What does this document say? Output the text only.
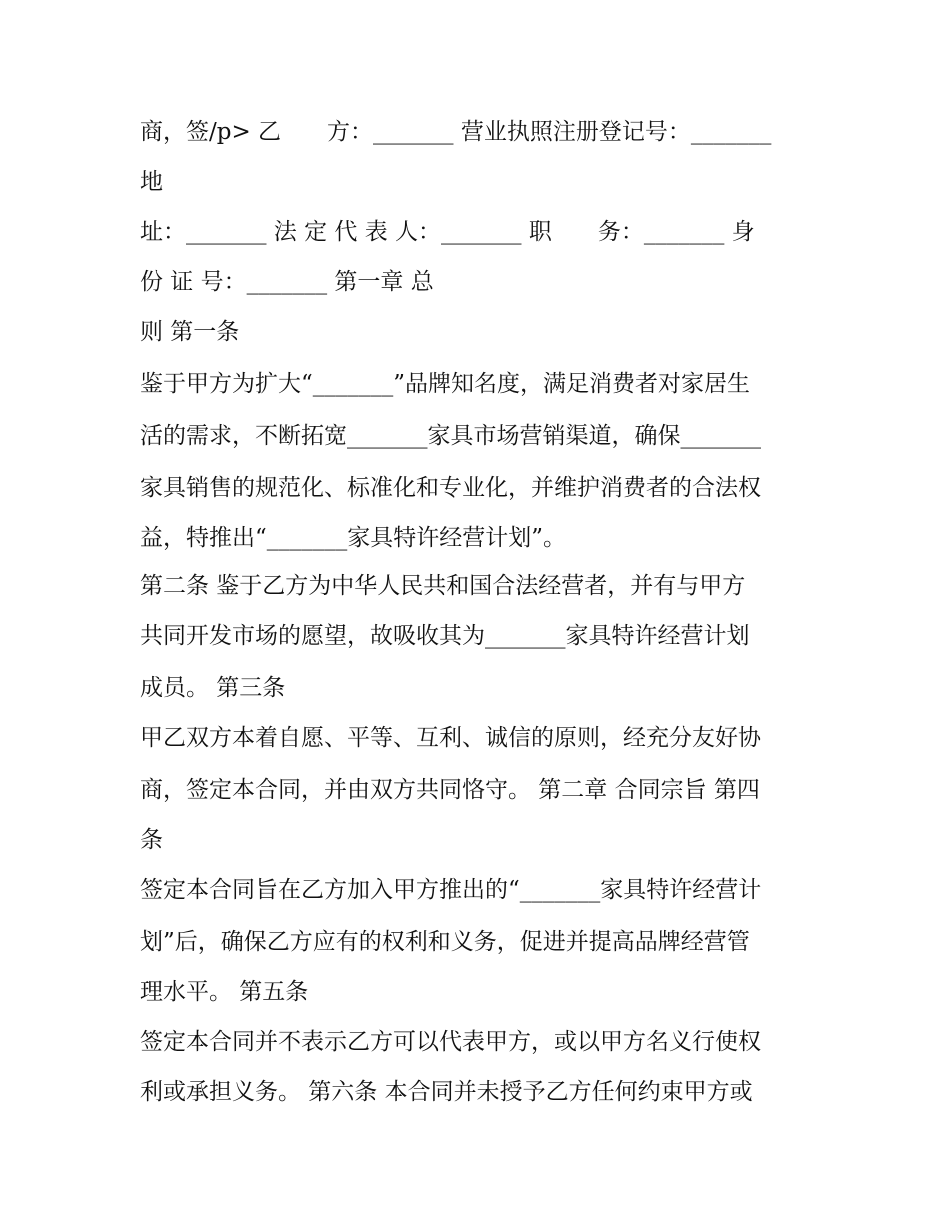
商，签/p> 乙　　方：_______ 营业执照注册登记号：_______

地

址：_______ 法 定 代 表 人：_______ 职　　务：_______ 身

份 证 号：_______ 第一章 总

则 第一条

鉴于甲方为扩大“_______”品牌知名度，满足消费者对家居生

活的需求，不断拓宽_______家具市场营销渠道，确保_______

家具销售的规范化、标准化和专业化，并维护消费者的合法权

益，特推出“_______家具特许经营计划”。

第二条 鉴于乙方为中华人民共和国合法经营者，并有与甲方

共同开发市场的愿望，故吸收其为_______家具特许经营计划

成员。 第三条

甲乙双方本着自愿、平等、互利、诚信的原则，经充分友好协

商，签定本合同，并由双方共同恪守。 第二章 合同宗旨 第四

条

签定本合同旨在乙方加入甲方推出的“_______家具特许经营计

划”后，确保乙方应有的权利和义务，促进并提高品牌经营管

理水平。 第五条

签定本合同并不表示乙方可以代表甲方，或以甲方名义行使权

利或承担义务。 第六条 本合同并未授予乙方任何约束甲方或
